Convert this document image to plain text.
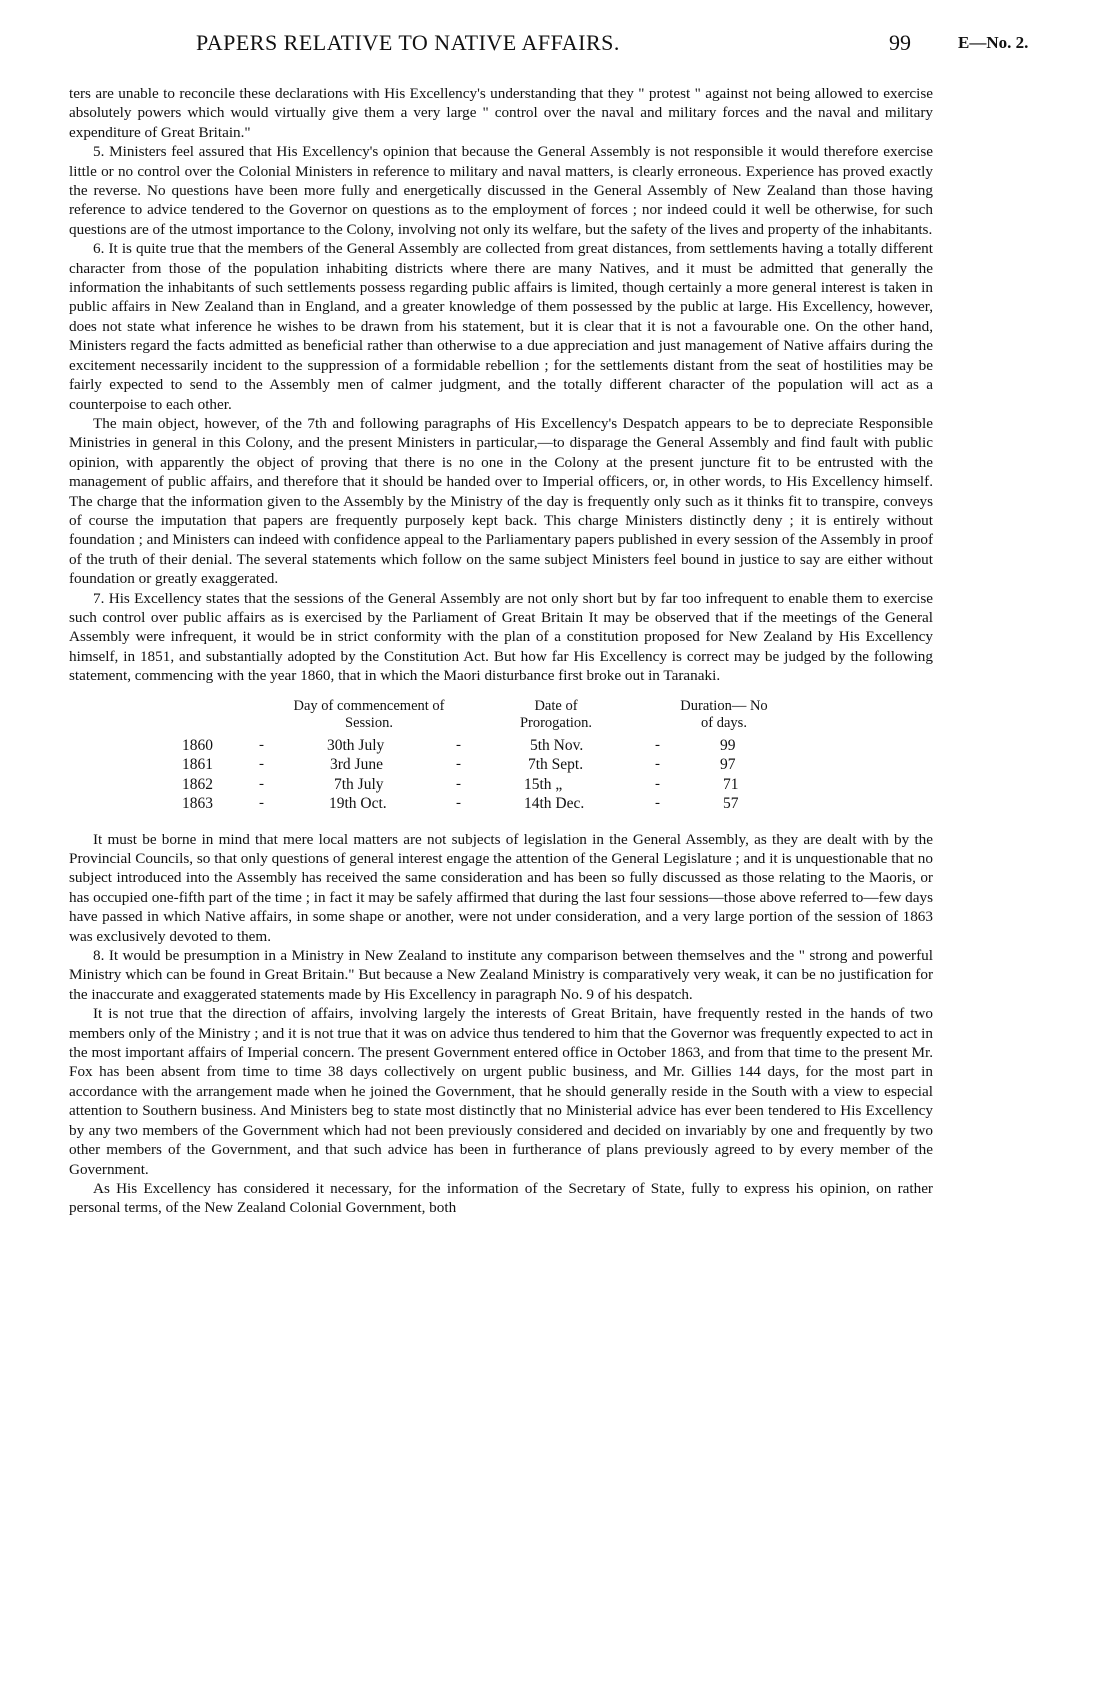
PAPERS RELATIVE TO NATIVE AFFAIRS.	99	E—No. 2.

ters are unable to reconcile these declarations with His Excellency's understanding that they " protest " against not being allowed to exercise absolutely powers which would virtually give them a very large " control over the naval and military forces and the naval and military expenditure of Great Britain."

5. Ministers feel assured that His Excellency's opinion that because the General Assembly is not responsible it would therefore exercise little or no control over the Colonial Ministers in reference to military and naval matters, is clearly erroneous. Experience has proved exactly the reverse. No questions have been more fully and energetically discussed in the General Assembly of New Zealand than those having reference to advice tendered to the Governor on questions as to the employment of forces ; nor indeed could it well be otherwise, for such questions are of the utmost importance to the Colony, involving not only its welfare, but the safety of the lives and property of the inhabitants.

6. It is quite true that the members of the General Assembly are collected from great distances, from settlements having a totally different character from those of the population inhabiting districts where there are many Natives, and it must be admitted that generally the information the inhabitants of such settlements possess regarding public affairs is limited, though certainly a more general interest is taken in public affairs in New Zealand than in England, and a greater knowledge of them possessed by the public at large. His Excellency, however, does not state what inference he wishes to be drawn from his statement, but it is clear that it is not a favourable one. On the other hand, Ministers regard the facts admitted as beneficial rather than otherwise to a due appreciation and just management of Native affairs during the excitement necessarily incident to the suppression of a formidable rebellion ; for the settlements distant from the seat of hostilities may be fairly expected to send to the Assembly men of calmer judgment, and the totally different character of the population will act as a counterpoise to each other.

The main object, however, of the 7th and following paragraphs of His Excellency's Despatch appears to be to depreciate Responsible Ministries in general in this Colony, and the present Ministers in particular,—to disparage the General Assembly and find fault with public opinion, with apparently the object of proving that there is no one in the Colony at the present juncture fit to be entrusted with the management of public affairs, and therefore that it should be handed over to Imperial officers, or, in other words, to His Excellency himself. The charge that the information given to the Assembly by the Ministry of the day is frequently only such as it thinks fit to transpire, conveys of course the imputation that papers are frequently purposely kept back. This charge Ministers distinctly deny ; it is entirely without foundation ; and Ministers can indeed with confidence appeal to the Parliamentary papers published in every session of the Assembly in proof of the truth of their denial. The several statements which follow on the same subject Ministers feel bound in justice to say are either without foundation or greatly exaggerated.

7. His Excellency states that the sessions of the General Assembly are not only short but by far too infrequent to enable them to exercise such control over public affairs as is exercised by the Parliament of Great Britain It may be observed that if the meetings of the General Assembly were infrequent, it would be in strict conformity with the plan of a constitution proposed for New Zealand by His Excellency himself, in 1851, and substantially adopted by the Constitution Act. But how far His Excellency is correct may be judged by the following statement, commencing with the year 1860, that in which the Maori disturbance first broke out in Taranaki.

Day of commencement of Session.
Date of Prorogation.
Duration— No of days.
1860	-	30th July	-	5th Nov.	-	99
1861	-	3rd June	-	7th Sept.	-	97
1862	-	7th July	-	15th „	-	71
1863	-	19th Oct.	-	14th Dec.	-	57

It must be borne in mind that mere local matters are not subjects of legislation in the General Assembly, as they are dealt with by the Provincial Councils, so that only questions of general interest engage the attention of the General Legislature ; and it is unquestionable that no subject introduced into the Assembly has received the same consideration and has been so fully discussed as those relating to the Maoris, or has occupied one-fifth part of the time ; in fact it may be safely affirmed that during the last four sessions—those above referred to—few days have passed in which Native affairs, in some shape or another, were not under consideration, and a very large portion of the session of 1863 was exclusively devoted to them.

8. It would be presumption in a Ministry in New Zealand to institute any comparison between themselves and the " strong and powerful Ministry which can be found in Great Britain." But because a New Zealand Ministry is comparatively very weak, it can be no justification for the inaccurate and exaggerated statements made by His Excellency in paragraph No. 9 of his despatch.

It is not true that the direction of affairs, involving largely the interests of Great Britain, have frequently rested in the hands of two members only of the Ministry ; and it is not true that it was on advice thus tendered to him that the Governor was frequently expected to act in the most important affairs of Imperial concern. The present Government entered office in October 1863, and from that time to the present Mr. Fox has been absent from time to time 38 days collectively on urgent public business, and Mr. Gillies 144 days, for the most part in accordance with the arrangement made when he joined the Government, that he should generally reside in the South with a view to especial attention to Southern business. And Ministers beg to state most distinctly that no Ministerial advice has ever been tendered to His Excellency by any two members of the Government which had not been previously considered and decided on invariably by one and frequently by two other members of the Government, and that such advice has been in furtherance of plans previously agreed to by every member of the Government.

As His Excellency has considered it necessary, for the information of the Secretary of State, fully to express his opinion, on rather personal terms, of the New Zealand Colonial Government, both
